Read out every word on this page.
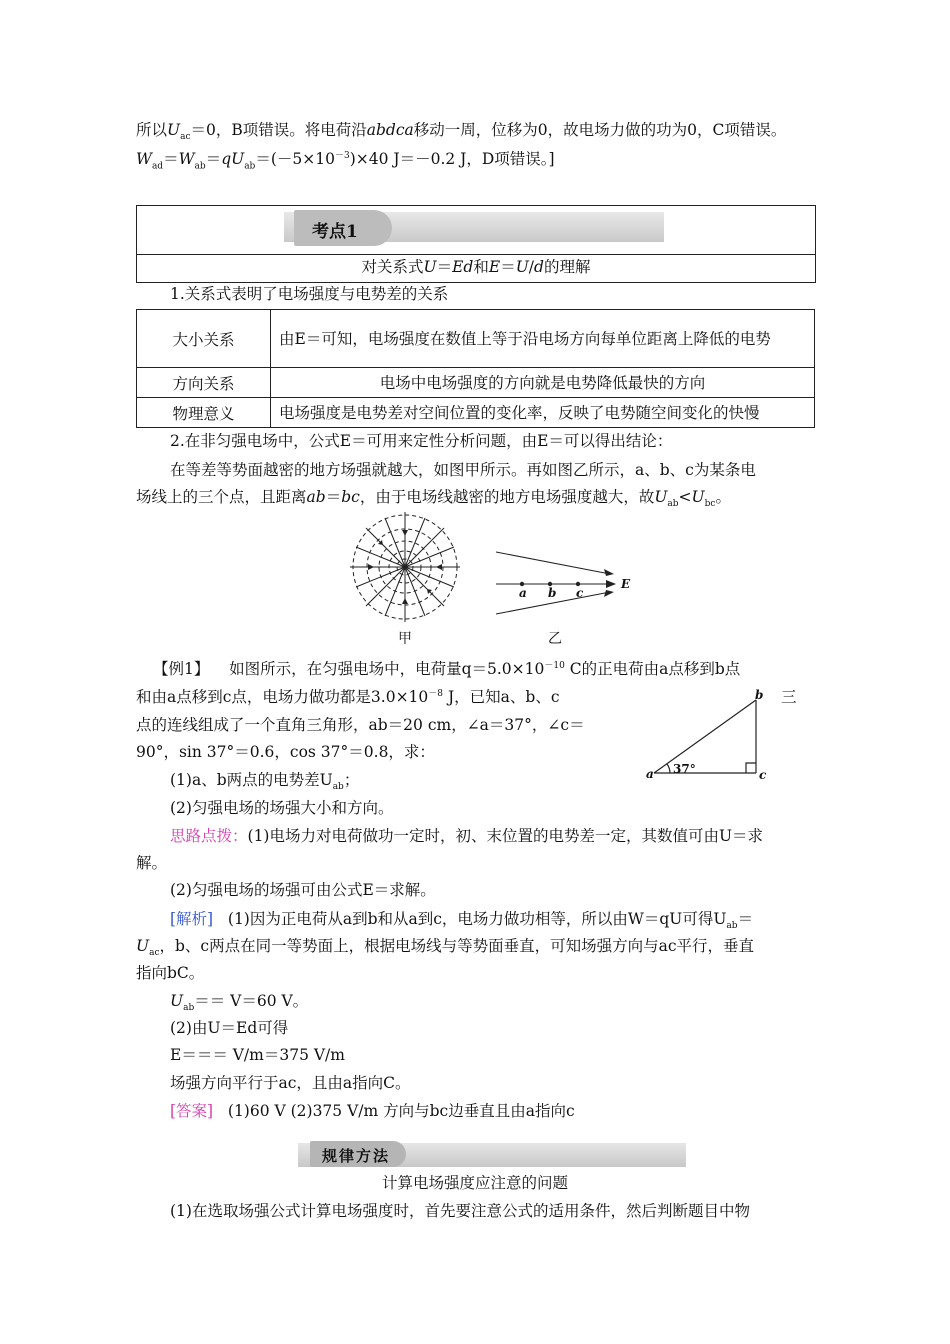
所以$U_{ac}=0$，B项错误。将电荷沿abdca移动一周，位移为0，故电场力做的功为0，C项错误。
$W_{ad}=W_{ab}=qU_{ab}=(-5\times 10^{-3})\times 40$ J＝－0.2 J，D项错误。]
考点1
对关系式U＝Ed和E＝U/d的理解
1.关系式表明了电场强度与电势差的关系
大小关系	由E＝可知，电场强度在数值上等于沿电场方向每单位距离上降低的电势
方向关系	电场中电场强度的方向就是电势降低最快的方向
物理意义	电场强度是电势差对空间位置的变化率，反映了电势随空间变化的快慢
2.在非匀强电场中，公式E＝可用来定性分析问题，由E＝可以得出结论：
在等差等势面越密的地方场强就越大，如图甲所示。再如图乙所示，a、b、c为某条电
场线上的三个点，且距离ab＝bc，由于电场线越密的地方电场强度越大，故$U_{ab}<U_{bc}$。
甲
a b c
E
乙
【例1】 如图所示，在匀强电场中，电荷量$q=5.0\times 10^{-10}$ C的正电荷由a点移到b点
和由a点移到c点，电场力做功都是$3.0\times 10^{-8}$ J，已知a、b、c	三
点的连线组成了一个直角三角形，ab＝20 cm，∠a＝37°，∠c＝
90°，sin 37°＝0.6，cos 37°＝0.8，求：
(1)a、b两点的电势差$U_{ab}$；
(2)匀强电场的场强大小和方向。
b
a	c
37°
思路点拨：(1)电场力对电荷做功一定时，初、末位置的电势差一定，其数值可由U＝求
解。
(2)匀强电场的场强可由公式E＝求解。
[解析] (1)因为正电荷从a到b和从a到c，电场力做功相等，所以由W＝qU可得$U_{ab}=$
$U_{ac}$，b、c两点在同一等势面上，根据电场线与等势面垂直，可知场强方向与ac平行，垂直
指向bC。
$U_{ab}== V=60$ V。
(2)由U＝Ed可得
E＝＝＝ V/m＝375 V/m
场强方向平行于ac，且由a指向C。
[答案] (1)60 V (2)375 V/m 方向与bc边垂直且由a指向c
规律方法
计算电场强度应注意的问题
(1)在选取场强公式计算电场强度时，首先要注意公式的适用条件，然后判断题目中物
